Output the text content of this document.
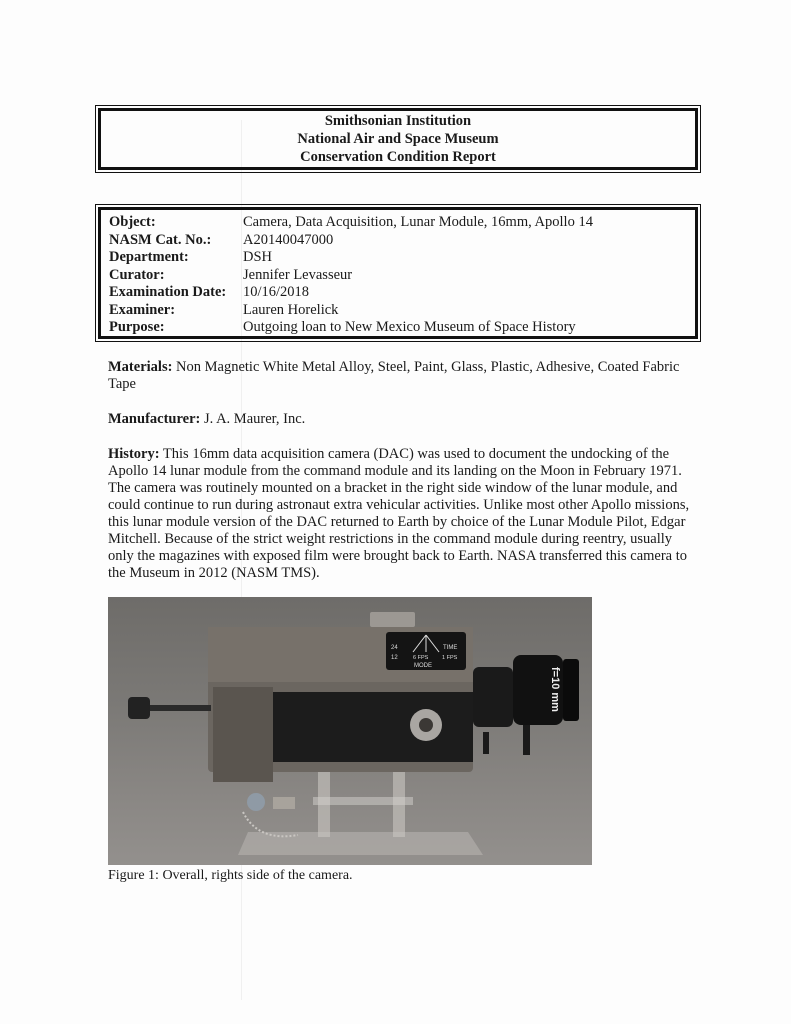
Smithsonian Institution
National Air and Space Museum
Conservation Condition Report
Object:	Camera, Data Acquisition, Lunar Module, 16mm, Apollo 14
NASM Cat. No.:	A20140047000
Department:	DSH
Curator:	Jennifer Levasseur
Examination Date:	10/16/2018
Examiner:	Lauren Horelick
Purpose:	Outgoing loan to New Mexico Museum of Space History
Materials: Non Magnetic White Metal Alloy, Steel, Paint, Glass, Plastic, Adhesive, Coated Fabric Tape
Manufacturer: J. A. Maurer, Inc.
History: This 16mm data acquisition camera (DAC) was used to document the undocking of the Apollo 14 lunar module from the command module and its landing on the Moon in February 1971. The camera was routinely mounted on a bracket in the right side window of the lunar module, and could continue to run during astronaut extra vehicular activities. Unlike most other Apollo missions, this lunar module version of the DAC returned to Earth by choice of the Lunar Module Pilot, Edgar Mitchell. Because of the strict weight restrictions in the command module during reentry, usually only the magazines with exposed film were brought back to Earth. NASA transferred this camera to the Museum in 2012 (NASM TMS).
24
12	6 FPS
TIME
1 FPS
MODE
f=10 mm
Figure 1: Overall, rights side of the camera.
